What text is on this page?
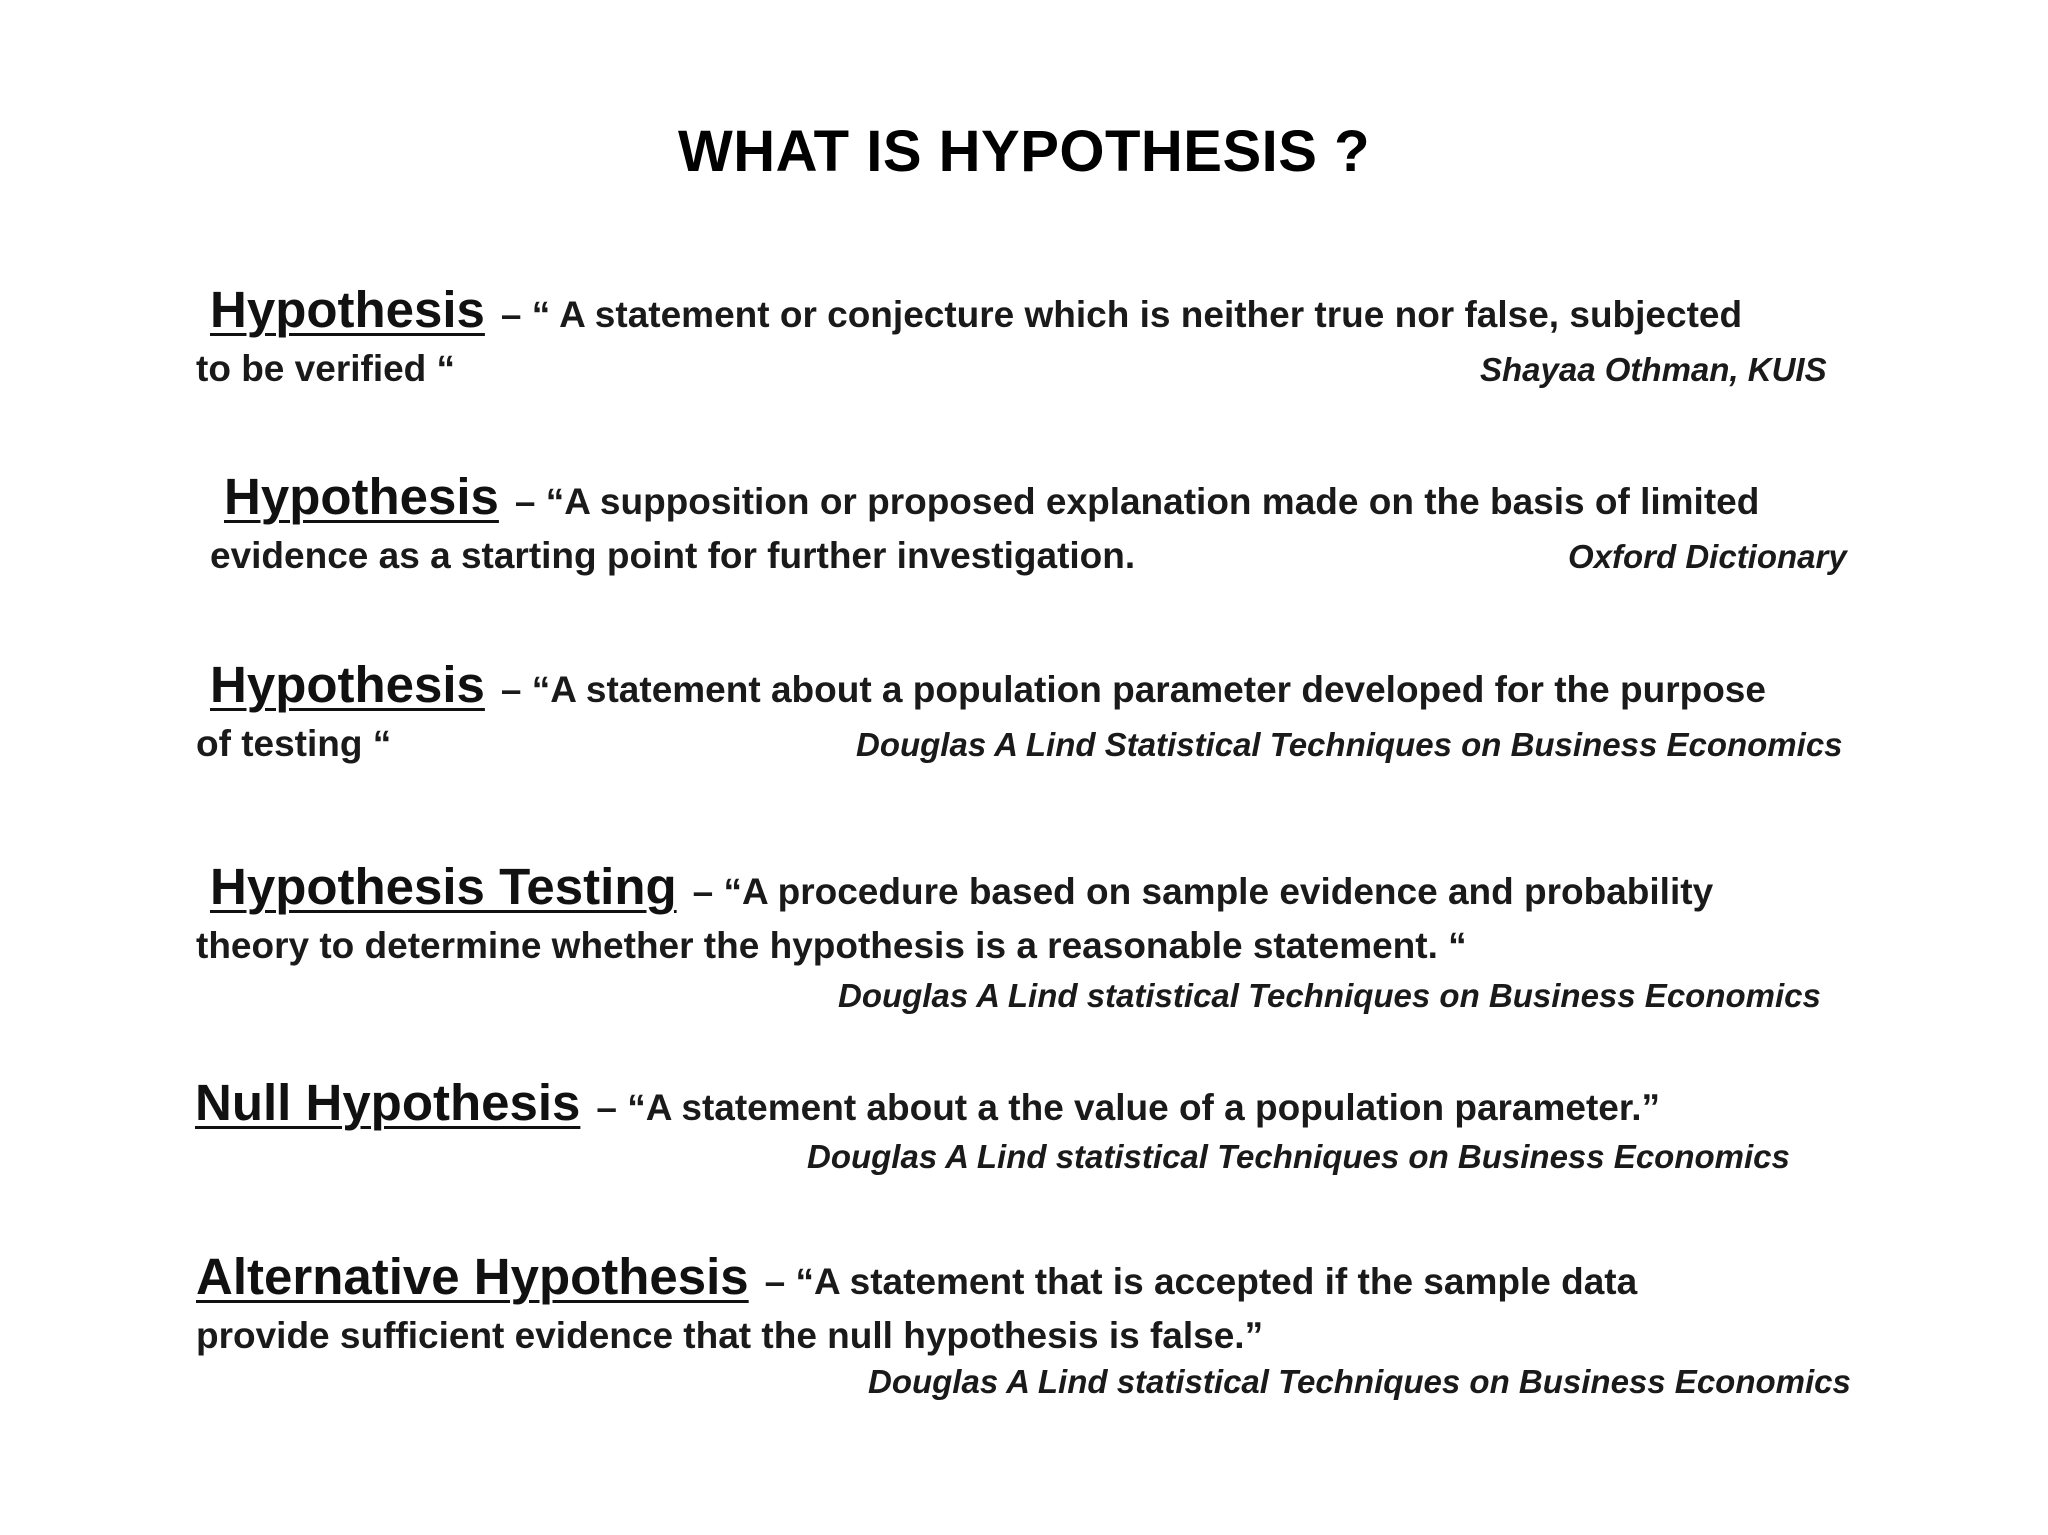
WHAT IS HYPOTHESIS ?
Hypothesis – “ A statement or conjecture which is neither true nor false, subjected
to be verified “	Shayaa Othman, KUIS
Hypothesis – “A supposition or proposed explanation made on the basis of limited
evidence as a starting point for further investigation.	Oxford Dictionary
Hypothesis – “A statement about a population parameter developed for the purpose
of testing “	Douglas A Lind Statistical Techniques on Business Economics
Hypothesis Testing – “A procedure based on sample evidence and probability
theory to determine whether the hypothesis is a reasonable statement. “
Douglas A Lind statistical Techniques on Business Economics
Null Hypothesis – “A statement about a the value of a population parameter.”
Douglas A Lind statistical Techniques on Business Economics
Alternative Hypothesis – “A statement that is accepted if the sample data
provide sufficient evidence that the null hypothesis is false.”
Douglas A Lind statistical Techniques on Business Economics
